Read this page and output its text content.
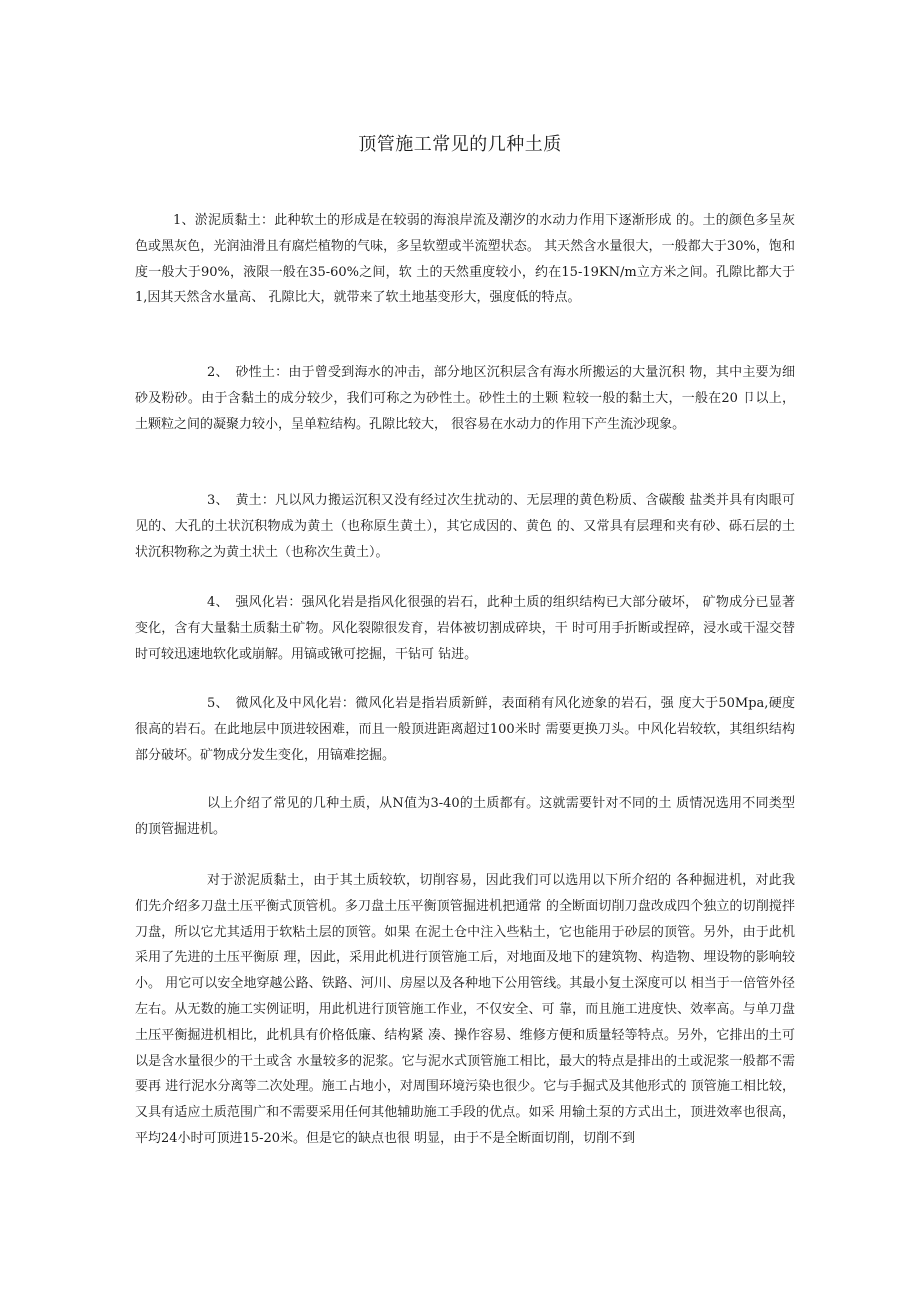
顶管施工常见的几种土质

1、淤泥质黏土：此种软土的形成是在较弱的海浪岸流及潮汐的水动力作用下逐渐形成 的。土的颜色多呈灰色或黑灰色，光润油滑且有腐烂植物的气味，多呈软塑或半流塑状态。 其天然含水量很大，一般都大于30%，饱和度一般大于90%，液限一般在35-60%之间，软 土的天然重度较小，约在15-19KN/m立方米之间。孔隙比都大于1,因其天然含水量高、 孔隙比大，就带来了软土地基变形大，强度低的特点。

2、　砂性土：由于曾受到海水的冲击，部分地区沉积层含有海水所搬运的大量沉积 物，其中主要为细砂及粉砂。由于含黏土的成分较少，我们可称之为砂性土。砂性土的土颗 粒较一般的黏土大，一般在20 卩以上，土颗粒之间的凝聚力较小，呈单粒结构。孔隙比较大， 很容易在水动力的作用下产生流沙现象。

3、　黄土：凡以风力搬运沉积又没有经过次生扰动的、无层理的黄色粉质、含碳酸 盐类并具有肉眼可见的、大孔的土状沉积物成为黄土（也称原生黄土），其它成因的、黄色 的、又常具有层理和夹有砂、砾石层的土状沉积物称之为黄土状土（也称次生黄土）。

4、　强风化岩：强风化岩是指风化很强的岩石，此种土质的组织结构已大部分破坏， 矿物成分已显著变化，含有大量黏土质黏土矿物。风化裂隙很发育，岩体被切割成碎块，干 时可用手折断或捏碎，浸水或干湿交替时可较迅速地软化或崩解。用镐或锹可挖掘，干钻可 钻进。

5、　微风化及中风化岩：微风化岩是指岩质新鲜，表面稍有风化迹象的岩石，强 度大于50Mpa,硬度很高的岩石。在此地层中顶进较困难，而且一般顶进距离超过100米时 需要更换刀头。中风化岩较软，其组织结构部分破坏。矿物成分发生变化，用镐难挖掘。

以上介绍了常见的几种土质，从N值为3-40的土质都有。这就需要针对不同的土 质情况选用不同类型的顶管掘进机。

对于淤泥质黏土，由于其土质较软，切削容易，因此我们可以选用以下所介绍的 各种掘进机，对此我们先介绍多刀盘土压平衡式顶管机。多刀盘土压平衡顶管掘进机把通常 的全断面切削刀盘改成四个独立的切削搅拌刀盘，所以它尤其适用于软粘土层的顶管。如果 在泥土仓中注入些粘土，它也能用于砂层的顶管。另外，由于此机采用了先进的土压平衡原 理，因此，采用此机进行顶管施工后，对地面及地下的建筑物、构造物、埋设物的影响较小。 用它可以安全地穿越公路、铁路、河川、房屋以及各种地下公用管线。其最小复土深度可以 相当于一倍管外径左右。从无数的施工实例证明，用此机进行顶管施工作业，不仅安全、可 靠，而且施工进度快、效率高。与单刀盘土压平衡掘进机相比，此机具有价格低廉、结构紧 凑、操作容易、维修方便和质量轻等特点。另外，它排出的土可以是含水量很少的干土或含 水量较多的泥浆。它与泥水式顶管施工相比，最大的特点是排出的土或泥浆一般都不需要再 进行泥水分离等二次处理。施工占地小，对周围环境污染也很少。它与手掘式及其他形式的 顶管施工相比较，又具有适应土质范围广和不需要采用任何其他辅助施工手段的优点。如采 用输土泵的方式出土，顶进效率也很高，平均24小时可顶进15-20米。但是它的缺点也很 明显，由于不是全断面切削，切削不到
